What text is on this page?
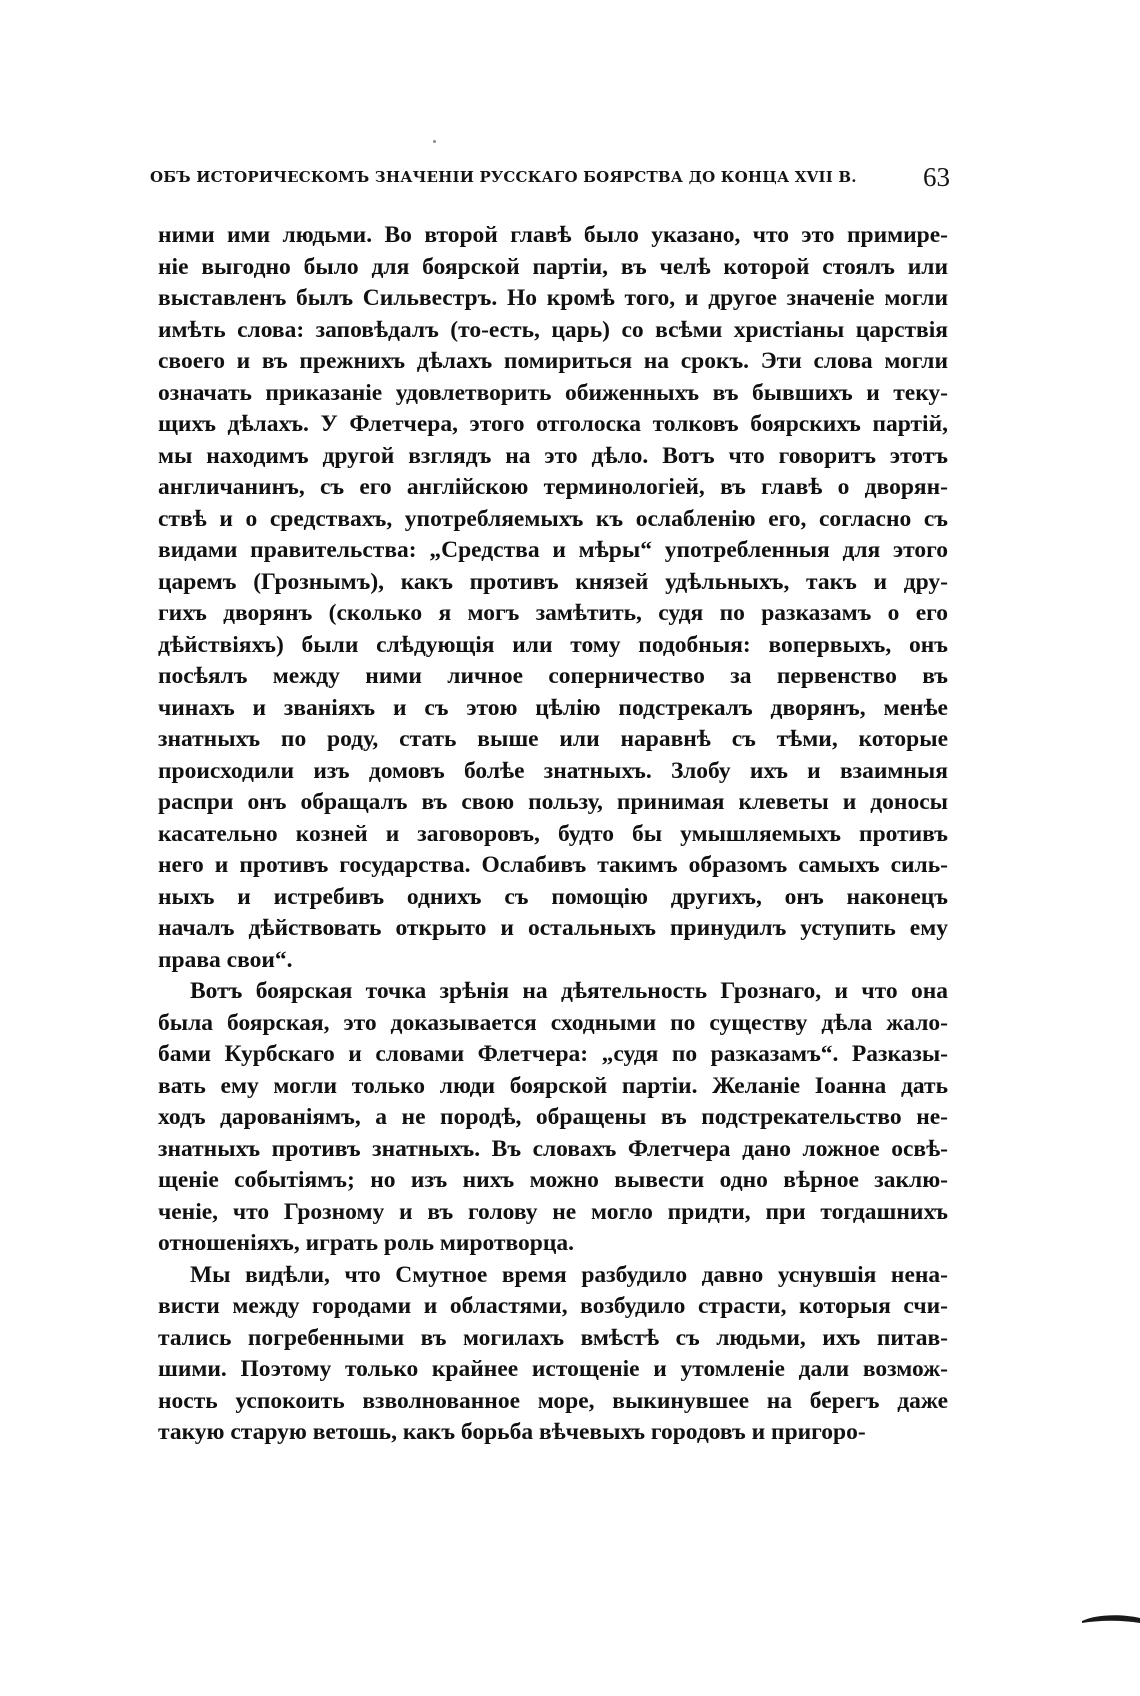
ОБЪ ИСТОРИЧЕСКОМЪ ЗНАЧЕНІИ РУССКАГО БОЯРСТВА ДО КОНЦА XVII В. 63
ними ими людьми. Во второй главѣ было указано, что это примире-
ніе выгодно было для боярской партіи, въ челѣ которой стоялъ или
выставленъ былъ Сильвестръ. Но кромѣ того, и другое значеніе могли
имѣть слова: заповѣдалъ (то-есть, царь) со всѣми христіаны царствія
своего и въ прежнихъ дѣлахъ помириться на срокъ. Эти слова могли
означать приказаніе удовлетворить обиженныхъ въ бывшихъ и теку-
щихъ дѣлахъ. У Флетчера, этого отголоска толковъ боярскихъ партій,
мы находимъ другой взглядъ на это дѣло. Вотъ что говоритъ этотъ
англичанинъ, съ его англійскою терминологіей, въ главѣ о дворян-
ствѣ и о средствахъ, употребляемыхъ къ ослабленію его, согласно съ
видами правительства: „Средства и мѣры“ употребленныя для этого
царемъ (Грознымъ), какъ противъ князей удѣльныхъ, такъ и дру-
гихъ дворянъ (сколько я могъ замѣтить, судя по разказамъ о его
дѣйствіяхъ) были слѣдующія или тому подобныя: вопервыхъ, онъ
посѣялъ между ними личное соперничество за первенство въ
чинахъ и званіяхъ и съ этою цѣлію подстрекалъ дворянъ, менѣе
знатныхъ по роду, стать выше или наравнѣ съ тѣми, которые
происходили изъ домовъ болѣе знатныхъ. Злобу ихъ и взаимныя
распри онъ обращалъ въ свою пользу, принимая клеветы и доносы
касательно козней и заговоровъ, будто бы умышляемыхъ противъ
него и противъ государства. Ослабивъ такимъ образомъ самыхъ силь-
ныхъ и истребивъ однихъ съ помощію другихъ, онъ наконецъ
началъ дѣйствовать открыто и остальныхъ принудилъ уступить ему
права свои“.
Вотъ боярская точка зрѣнія на дѣятельность Грознаго, и что она
была боярская, это доказывается сходными по существу дѣла жало-
бами Курбскаго и словами Флетчера: „судя по разказамъ“. Разказы-
вать ему могли только люди боярской партіи. Желаніе Іоанна дать
ходъ дарованіямъ, а не породѣ, обращены въ подстрекательство не-
знатныхъ противъ знатныхъ. Въ словахъ Флетчера дано ложное освѣ-
щеніе событіямъ; но изъ нихъ можно вывести одно вѣрное заклю-
ченіе, что Грозному и въ голову не могло придти, при тогдашнихъ
отношеніяхъ, играть роль миротворца.
Мы видѣли, что Смутное время разбудило давно уснувшія нена-
висти между городами и областями, возбудило страсти, которыя счи-
тались погребенными въ могилахъ вмѣстѣ съ людьми, ихъ питав-
шими. Поэтому только крайнее истощеніе и утомленіе дали возмож-
ность успокоить взволнованное море, выкинувшее на берегъ даже
такую старую ветошь, какъ борьба вѣчевыхъ городовъ и пригоро-
